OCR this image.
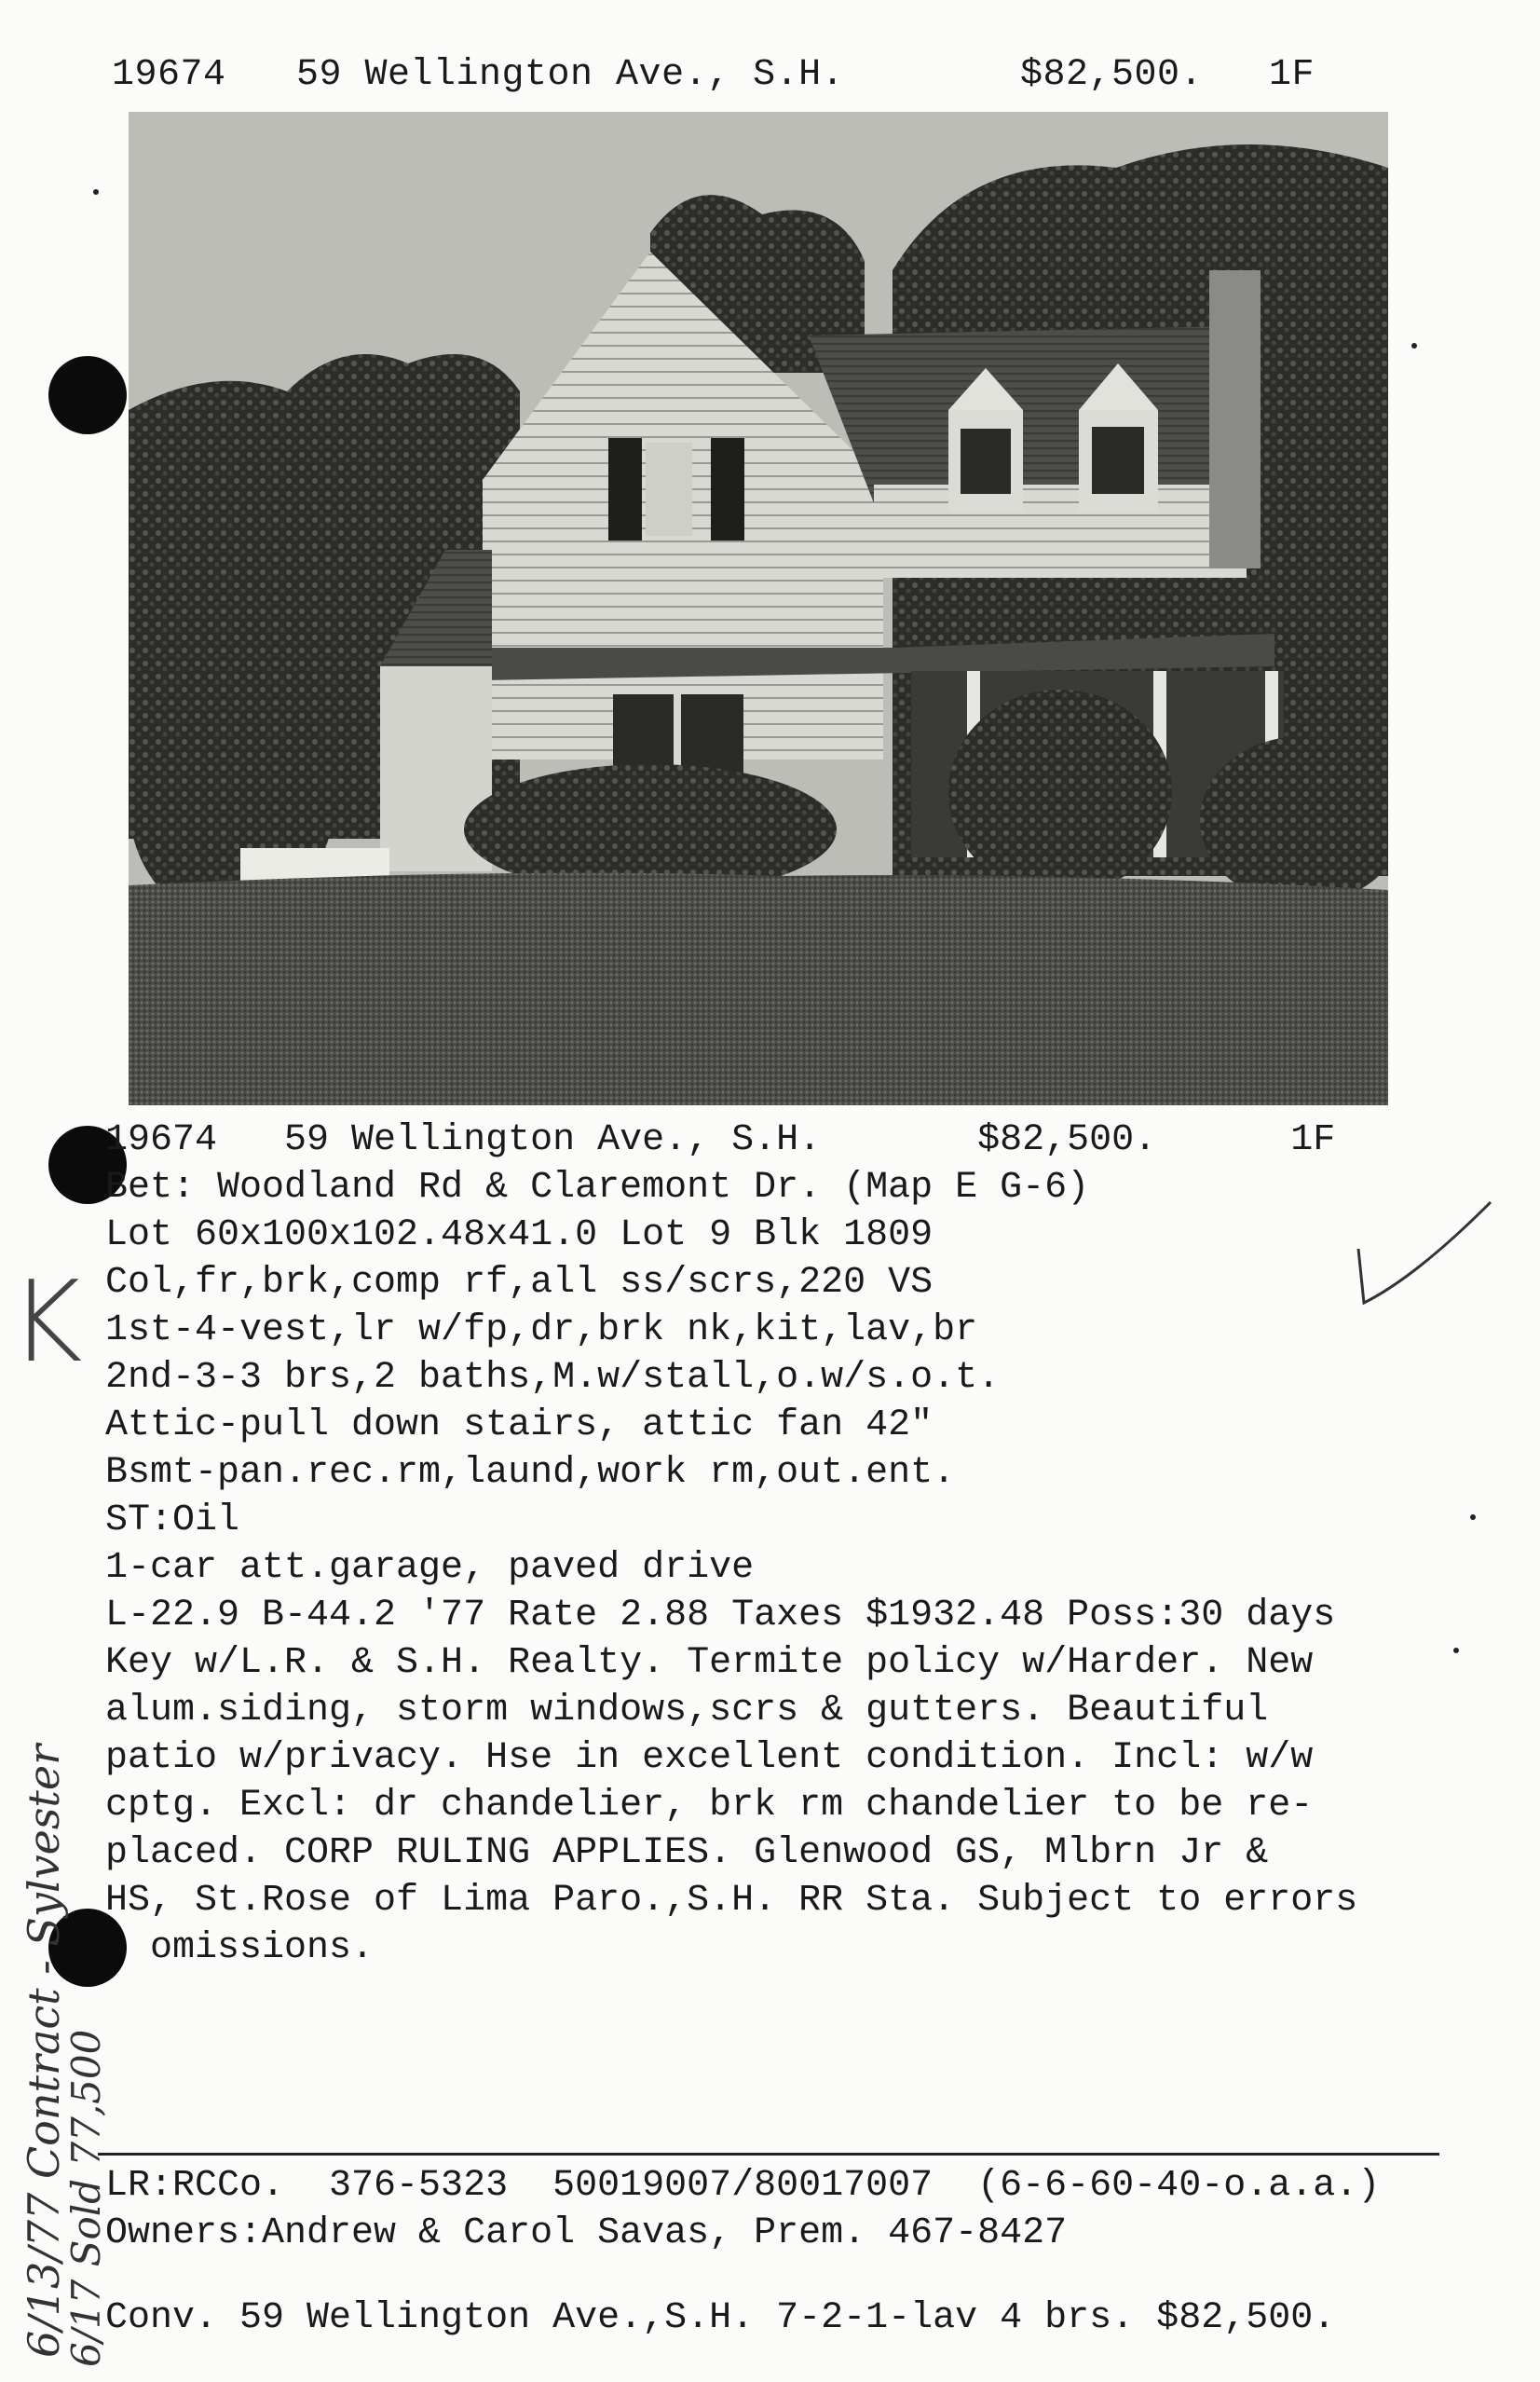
19674 59 Wellington Ave., S.H.	$82,500. 1F
19674   59 Wellington Ave., S.H.       $82,500.      1F
Bet: Woodland Rd & Claremont Dr. (Map E G-6)
Lot 60x100x102.48x41.0 Lot 9 Blk 1809
Col,fr,brk,comp rf,all ss/scrs,220 VS
1st-4-vest,lr w/fp,dr,brk nk,kit,lav,br
2nd-3-3 brs,2 baths,M.w/stall,o.w/s.o.t.
Attic-pull down stairs, attic fan 42"
Bsmt-pan.rec.rm,laund,work rm,out.ent.
ST:Oil
1-car att.garage, paved drive
L-22.9 B-44.2 '77 Rate 2.88 Taxes $1932.48 Poss:30 days
Key w/L.R. & S.H. Realty. Termite policy w/Harder. New
alum.siding, storm windows,scrs & gutters. Beautiful
patio w/privacy. Hse in excellent condition. Incl: w/w
cptg. Excl: dr chandelier, brk rm chandelier to be re-
placed. CORP RULING APPLIES. Glenwood GS, Mlbrn Jr &
HS, St.Rose of Lima Paro.,S.H. RR Sta. Subject to errors
omissions.
K
LR:RCCo.  376-5323  50019007/80017007  (6-6-60-40-o.a.a.)
Owners:Andrew & Carol Savas, Prem. 467-8427
Conv. 59 Wellington Ave.,S.H. 7-2-1-lav 4 brs. $82,500.
6/13/77 Contract - Sylvester
6/17 Sold 77,500
